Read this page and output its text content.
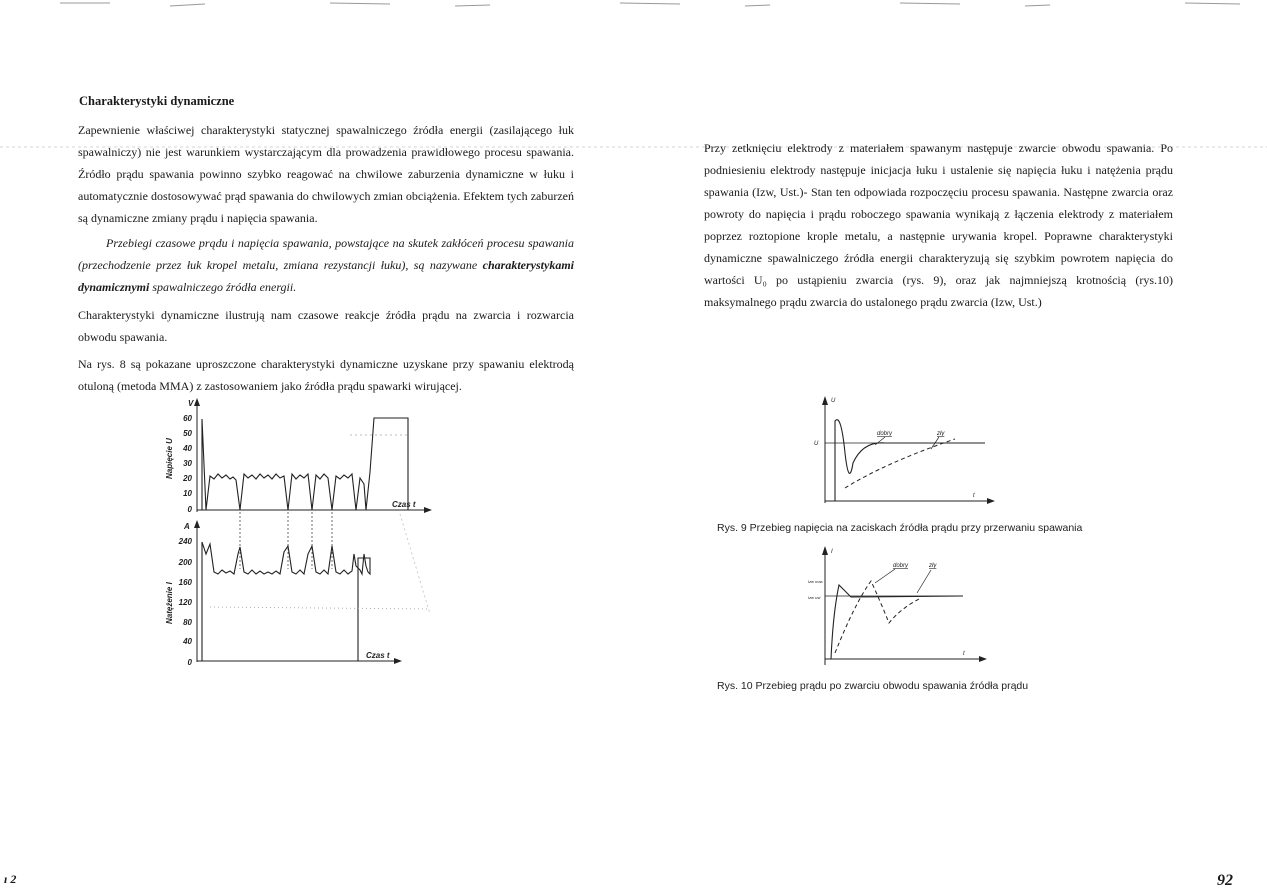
Charakterystyki dynamiczne
Zapewnienie właściwej charakterystyki statycznej spawalniczego źródła energii (zasilającego łuk spawalniczy) nie jest warunkiem wystarczającym dla prowadzenia prawidłowego procesu spawania. Źródło prądu spawania powinno szybko reagować na chwilowe zaburzenia dynamiczne w łuku i automatycznie dostosowywać prąd spawania do chwilowych zmian obciążenia. Efektem tych zaburzeń są dynamiczne zmiany prądu i napięcia spawania.
Przebiegi czasowe prądu i napięcia spawania, powstające na skutek zakłóceń procesu spawania (przechodzenie przez łuk kropel metalu, zmiana rezystancji łuku), są nazywane charakterystykami dynamicznymi spawalniczego źródła energii.
Charakterystyki dynamiczne ilustrują nam czasowe reakcje źródła prądu na zwarcia i rozwarcia obwodu spawania.
Na rys. 8 są pokazane uproszczone charakterystyki dynamiczne uzyskane przy spawaniu elektrodą otuloną (metoda MMA) z zastosowaniem jako źródła prądu spawarki wirującej.
V
Napięcie U
60
50
40
30
20
10
0
Czas t
A
Natężenie I
240
200
160
120
80
40
0
Czas t
Przy zetknięciu elektrody z materiałem spawanym następuje zwarcie obwodu spawania. Po podniesieniu elektrody następuje inicjacja łuku i ustalenie się napięcia łuku i natężenia prądu spawania (Izw, Ust.)- Stan ten odpowiada rozpoczęciu procesu spawania. Następne zwarcia oraz powroty do napięcia i prądu roboczego spawania wynikają z łączenia elektrody z materiałem poprzez roztopione krople metalu, a następnie urywania kropel. Poprawne charakterystyki dynamiczne spawalniczego źródła energii charakteryzują się szybkim powrotem napięcia do wartości U₀ po ustąpieniu zwarcia (rys. 9), oraz jak najmniejszą krotnością (rys.10) maksymalnego prądu zwarcia do ustalonego prądu zwarcia (Izw, Ust.)
U
U
t
dobry	zły
Rys. 9 Przebieg napięcia na zaciskach źródła prądu przy przerwaniu spawania
I
Izw max
Izw ust
t
dobry	zły
Rys. 10 Przebieg prądu po zwarciu obwodu spawania źródła prądu
92
ı 2
